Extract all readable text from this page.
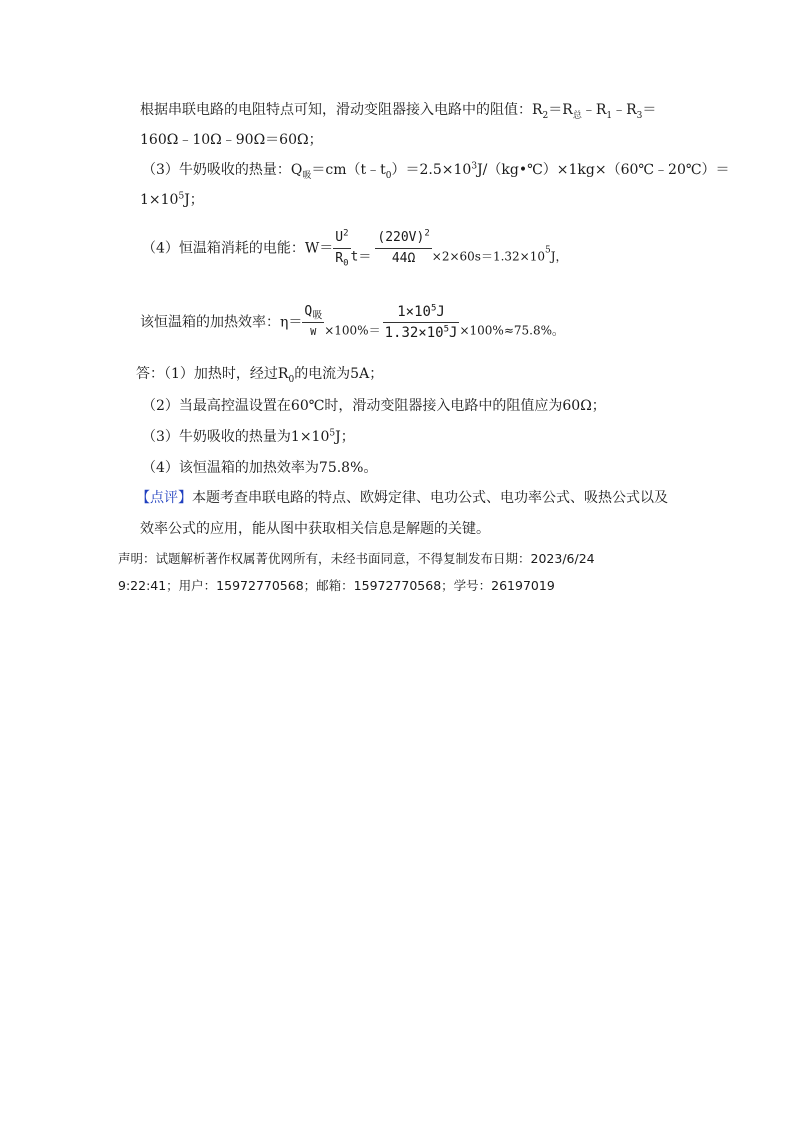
根据串联电路的电阻特点可知，滑动变阻器接入电路中的阻值：$R_2=R_总﹣R_1﹣R_3=$
160Ω﹣10Ω﹣90Ω＝60Ω；
（3）牛奶吸收的热量：$Q_吸=cm(t﹣t_0)=2.5\times 10^3J/(kg•℃)\times 1kg\times(60℃﹣20℃)=$
$1\times 10^5J$；
（4）恒温箱消耗的电能：$W= \frac{U^2}{R_0} t= \frac{(220V)^2}{44\Omega} \times 2\times 60s=1.32\times 105J$，
该恒温箱的加热效率：$\eta= \frac{Q_吸}{W} \times 100\%= \frac{1\times 10^5J}{1.32\times 10^5J} \times 100\%\approx 75.8\%$。
答：（1）加热时，经过$R_0$的电流为5A；
（2）当最高控温设置在60℃时，滑动变阻器接入电路中的阻值应为60Ω；
（3）牛奶吸收的热量为$1\times 10^5J$；
（4）该恒温箱的加热效率为75.8%。
【点评】本题考查串联电路的特点、欧姆定律、电功公式、电功率公式、吸热公式以及
效率公式的应用，能从图中获取相关信息是解题的关键。
声明：试题解析著作权属菁优网所有，未经书面同意，不得复制发布日期：2023/6/24
9:22:41；用户：15972770568；邮箱：15972770568；学号：26197019
